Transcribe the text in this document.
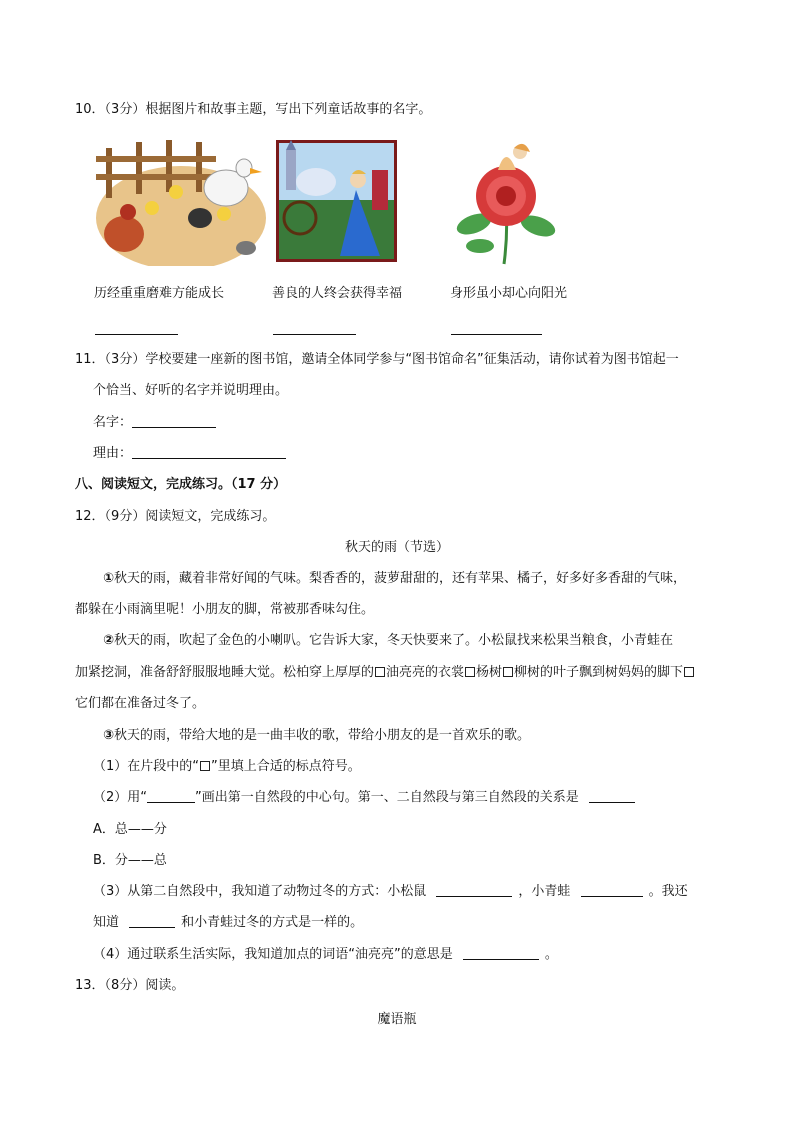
10．（3分）根据图片和故事主题，写出下列童话故事的名字。
历经重重磨难方能成长	善良的人终会获得幸福	身形虽小却心向阳光
11．（3分）学校要建一座新的图书馆，邀请全体同学参与“图书馆命名”征集活动，请你试着为图书馆起一
个恰当、好听的名字并说明理由。
名字：
理由：
八、阅读短文，完成练习。（17 分）
12．（9分）阅读短文，完成练习。
秋天的雨（节选）
①秋天的雨，藏着非常好闻的气味。梨香香的，菠萝甜甜的，还有苹果、橘子，好多好多香甜的气味，
都躲在小雨滴里呢！小朋友的脚，常被那香味勾住。
②秋天的雨，吹起了金色的小喇叭。它告诉大家，冬天快要来了。小松鼠找来松果当粮食，小青蛙在
加紧挖洞，准备舒舒服服地睡大觉。松柏穿上厚厚的 油亮亮的衣裳 杨树 柳树的叶子飘到树妈妈的脚下
它们都在准备过冬了。
③秋天的雨，带给大地的是一曲丰收的歌，带给小朋友的是一首欢乐的歌。
（1）在片段中的“ ”里填上合适的标点符号。
（2）用“	”画出第一自然段的中心句。第一、二自然段与第三自然段的关系是
A．总——分
B．分——总
（3）从第二自然段中，我知道了动物过冬的方式：小松鼠	，小青蛙	。我还
知道	和小青蛙过冬的方式是一样的。
（4）通过联系生活实际，我知道加点的词语“油亮亮”的意思是	。
13．（8分）阅读。
魔语瓶
